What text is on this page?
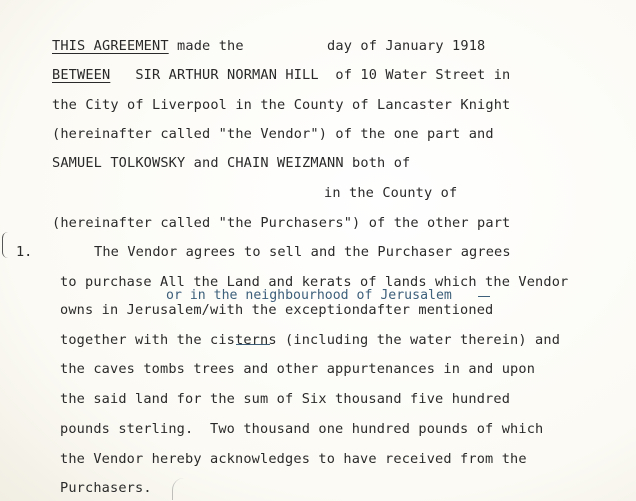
THIS AGREEMENT made the          day of January 1918
BETWEEN   SIR ARTHUR NORMAN HILL  of 10 Water Street in
the City of Liverpool in the County of Lancaster Knight
(hereinafter called "the Vendor") of the one part and
SAMUEL TOLKOWSKY and CHAIN WEIZMANN both of
in the County of
(hereinafter called "the Purchasers") of the other part
1.	The Vendor agrees to sell and the Purchaser agrees
to purchase All the Land and kerats of lands which the Vendor
or in the neighbourhood of Jerusalem
owns in Jerusalem/with the exceptiondafter mentioned
together with the cisterns (including the water therein) and
the caves tombs trees and other appurtenances in and upon
the said land for the sum of Six thousand five hundred
pounds sterling.  Two thousand one hundred pounds of which
the Vendor hereby acknowledges to have received from the
Purchasers.
